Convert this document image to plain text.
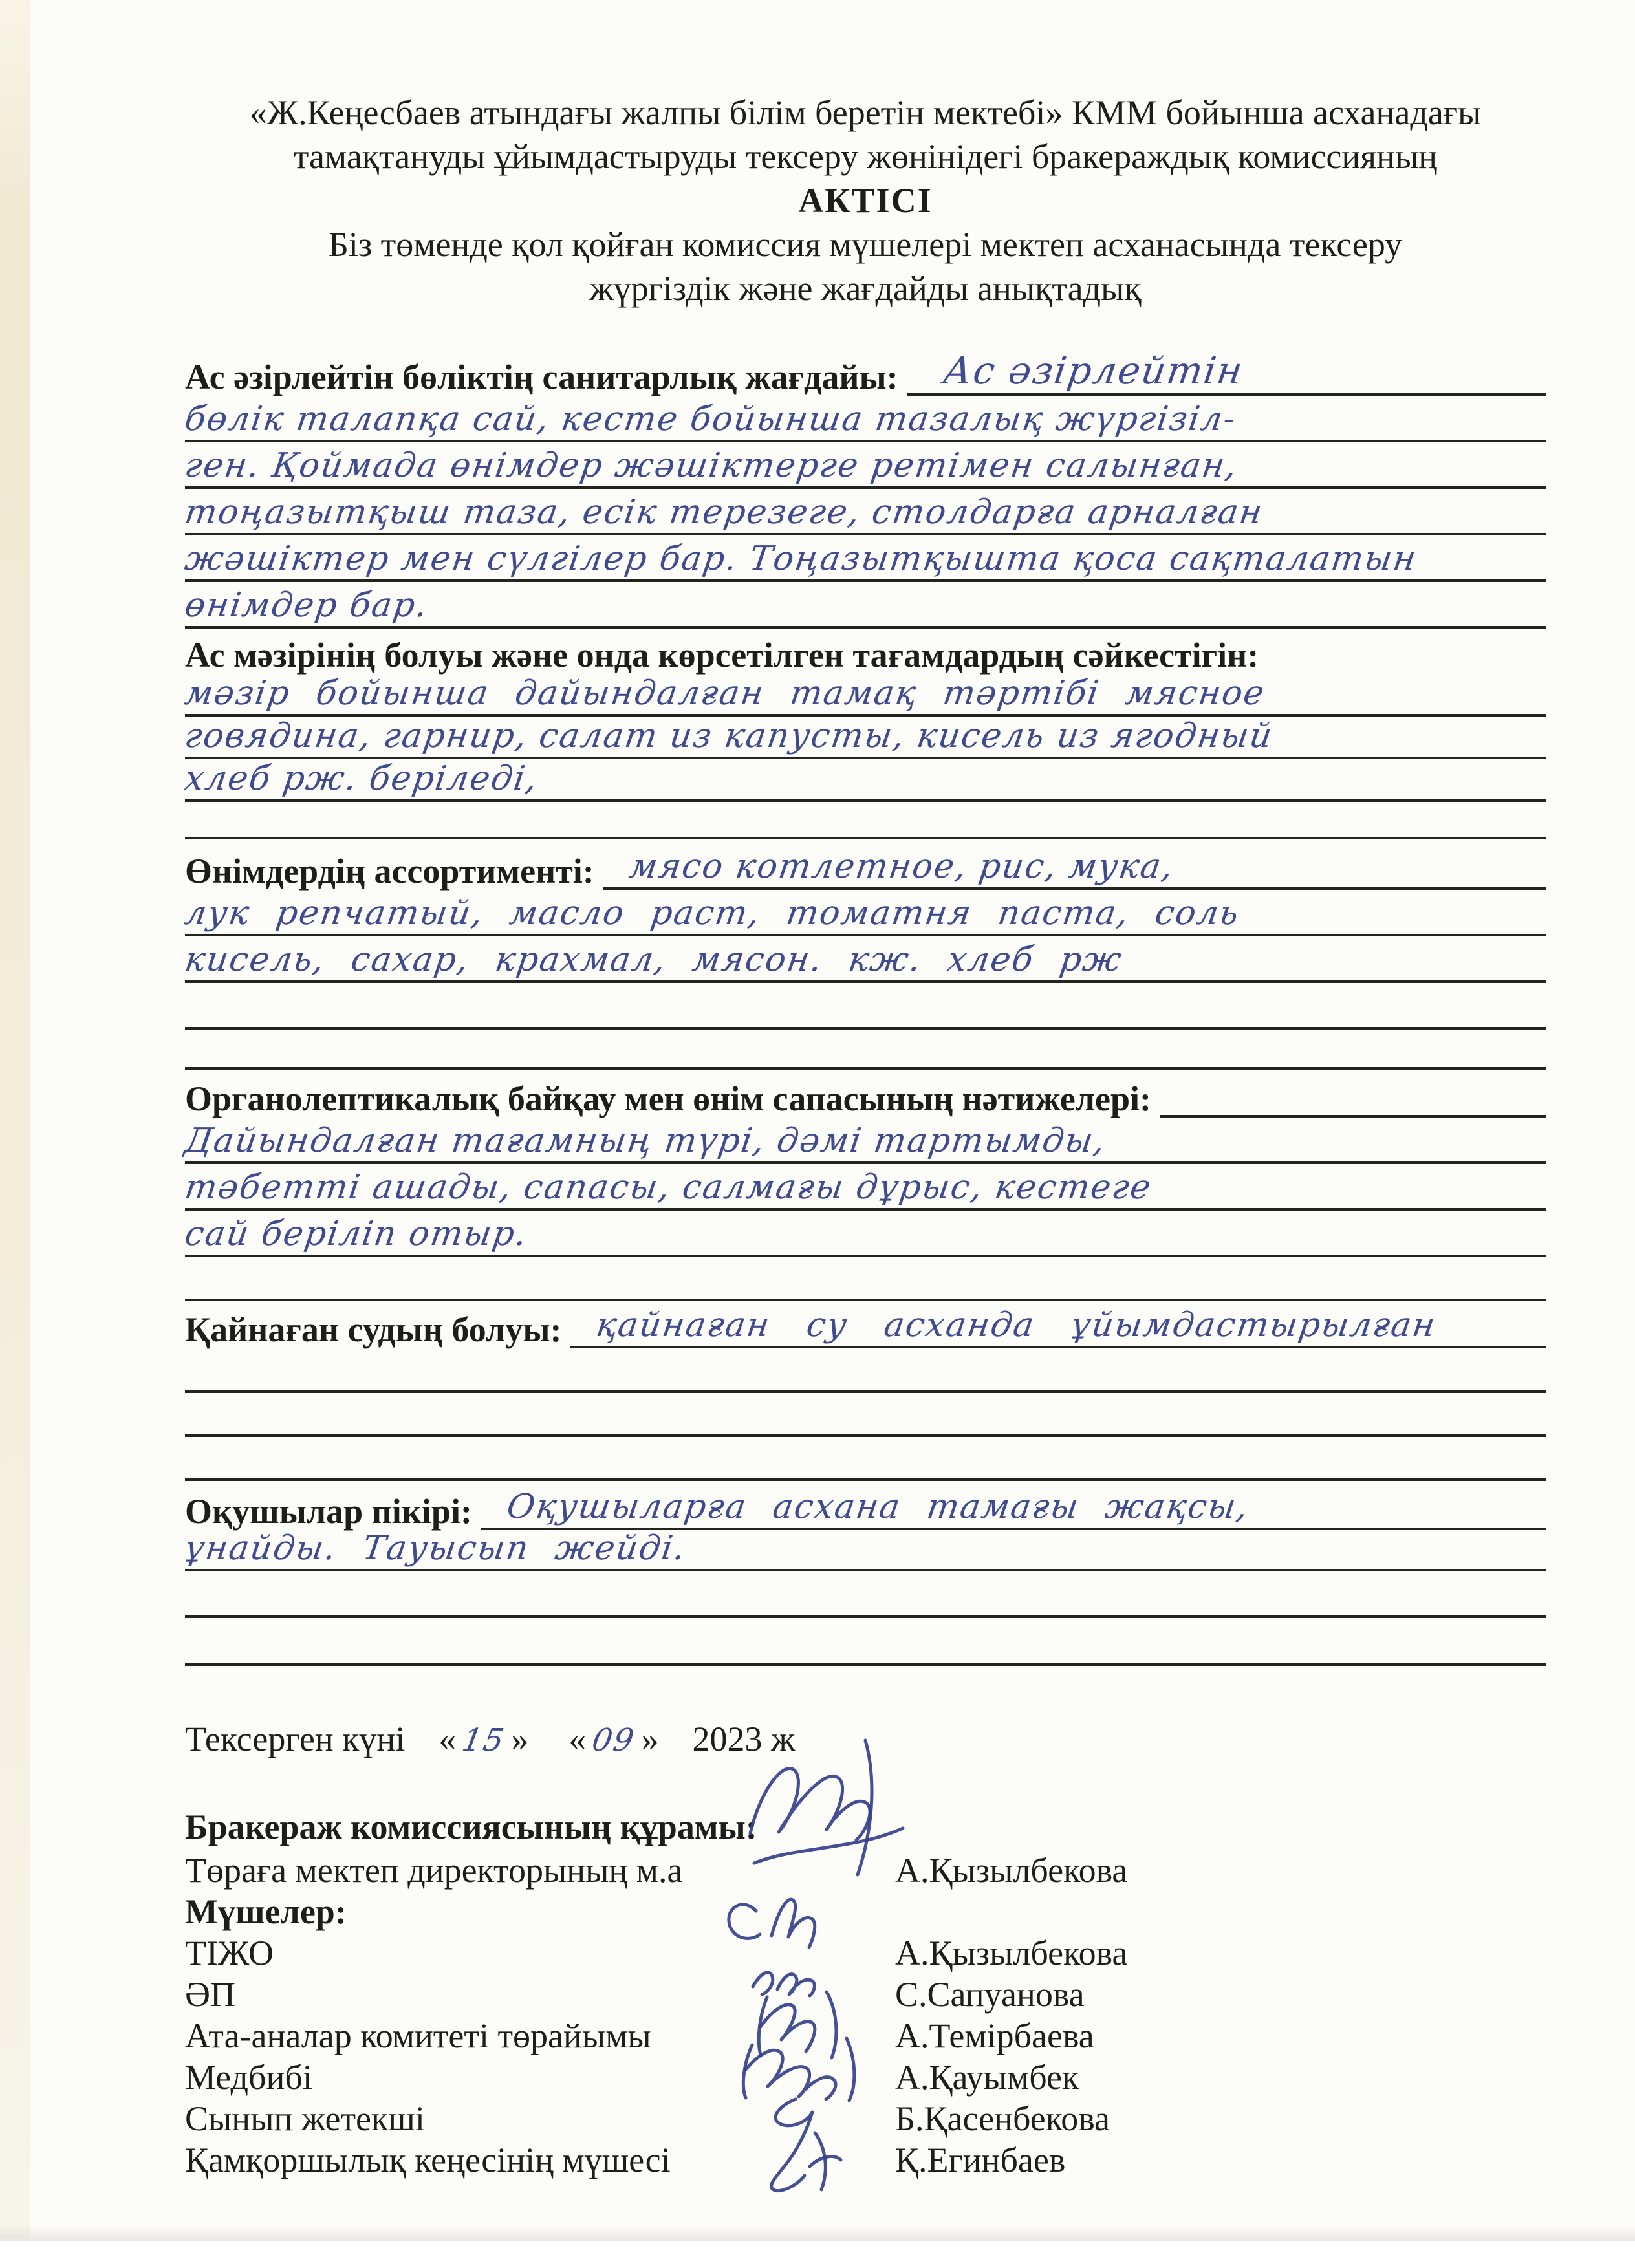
«Ж.Кеңесбаев атындағы жалпы білім беретін мектебі» КММ бойынша асханадағы
тамақтануды ұйымдастыруды тексеру жөнінідегі бракераждық комиссияның
АКТІСІ
Біз төменде қол қойған комиссия мүшелері мектеп асханасында тексеру
жүргіздік және жағдайды анықтадық
Ас әзірлейтін бөліктің санитарлық жағдайы:	Ас әзірлейтін
бөлік талапқа сай, кесте бойынша тазалық жүргізіл-
ген. Қоймада өнімдер жәшіктерге ретімен салынған,
тоңазытқыш таза, есік терезеге, столдарға арналған
жәшіктер мен сүлгілер бар. Тоңазытқышта қоса сақталатын
өнімдер бар.
Ас мәзірінің болуы және онда көрсетілген тағамдардың сәйкестігін:
мәзір бойынша дайындалған тамақ тәртібі мясное
говядина, гарнир, салат из капусты, кисель из ягодный
хлеб рж. беріледі,
Өнімдердің ассортименті: мясо котлетное, рис, мука,
лук репчатый, масло раст, томатня паста, соль
кисель, сахар, крахмал, мясон. кж. хлеб рж
Органолептикалық байқау мен өнім сапасының нәтижелері:
Дайындалған тағамның түрі, дәмі тартымды,
тәбетті ашады, сапасы, салмағы дұрыс, кестеге
сай беріліп отыр.
Қайнаған судың болуы: қайнаған су асханда ұйымдастырылған
Оқушылар пікірі: Оқушыларға асхана тамағы жақсы,
ұнайды. Тауысып жейді.
Тексерген күні « 15» « 09» 2023 ж
Бракераж комиссиясының құрамы:
Төраға мектеп директорының м.а	А.Қызылбекова
Мүшелер:
ТІЖО	А.Қызылбекова
ӘП	С.Сапуанова
Ата-аналар комитеті төрайымы	А.Темірбаева
Медбибі	А.Қауымбек
Сынып жетекші	Б.Қасенбекова
Қамқоршылық кеңесінің мүшесі	Қ.Егинбаев
